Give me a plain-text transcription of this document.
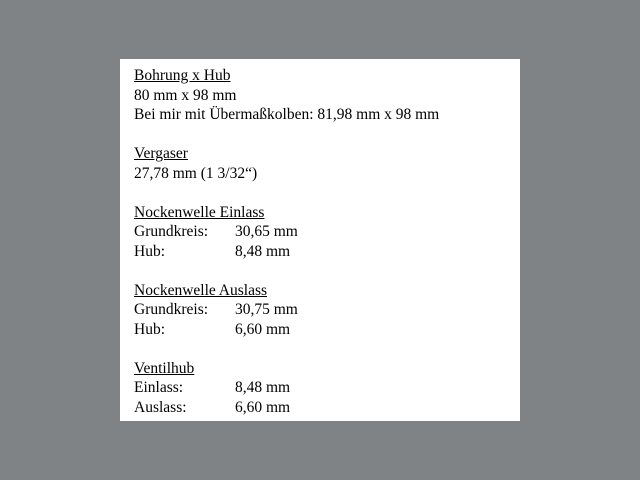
Bohrung x Hub
80 mm x 98 mm
Bei mir mit Übermaßkolben: 81,98 mm x 98 mm
Vergaser
27,78 mm (1 3/32“)
Nockenwelle Einlass
Grundkreis:	30,65 mm
Hub:	8,48 mm
Nockenwelle Auslass
Grundkreis:	30,75 mm
Hub:	6,60 mm
Ventilhub
Einlass:	8,48 mm
Auslass:	6,60 mm
